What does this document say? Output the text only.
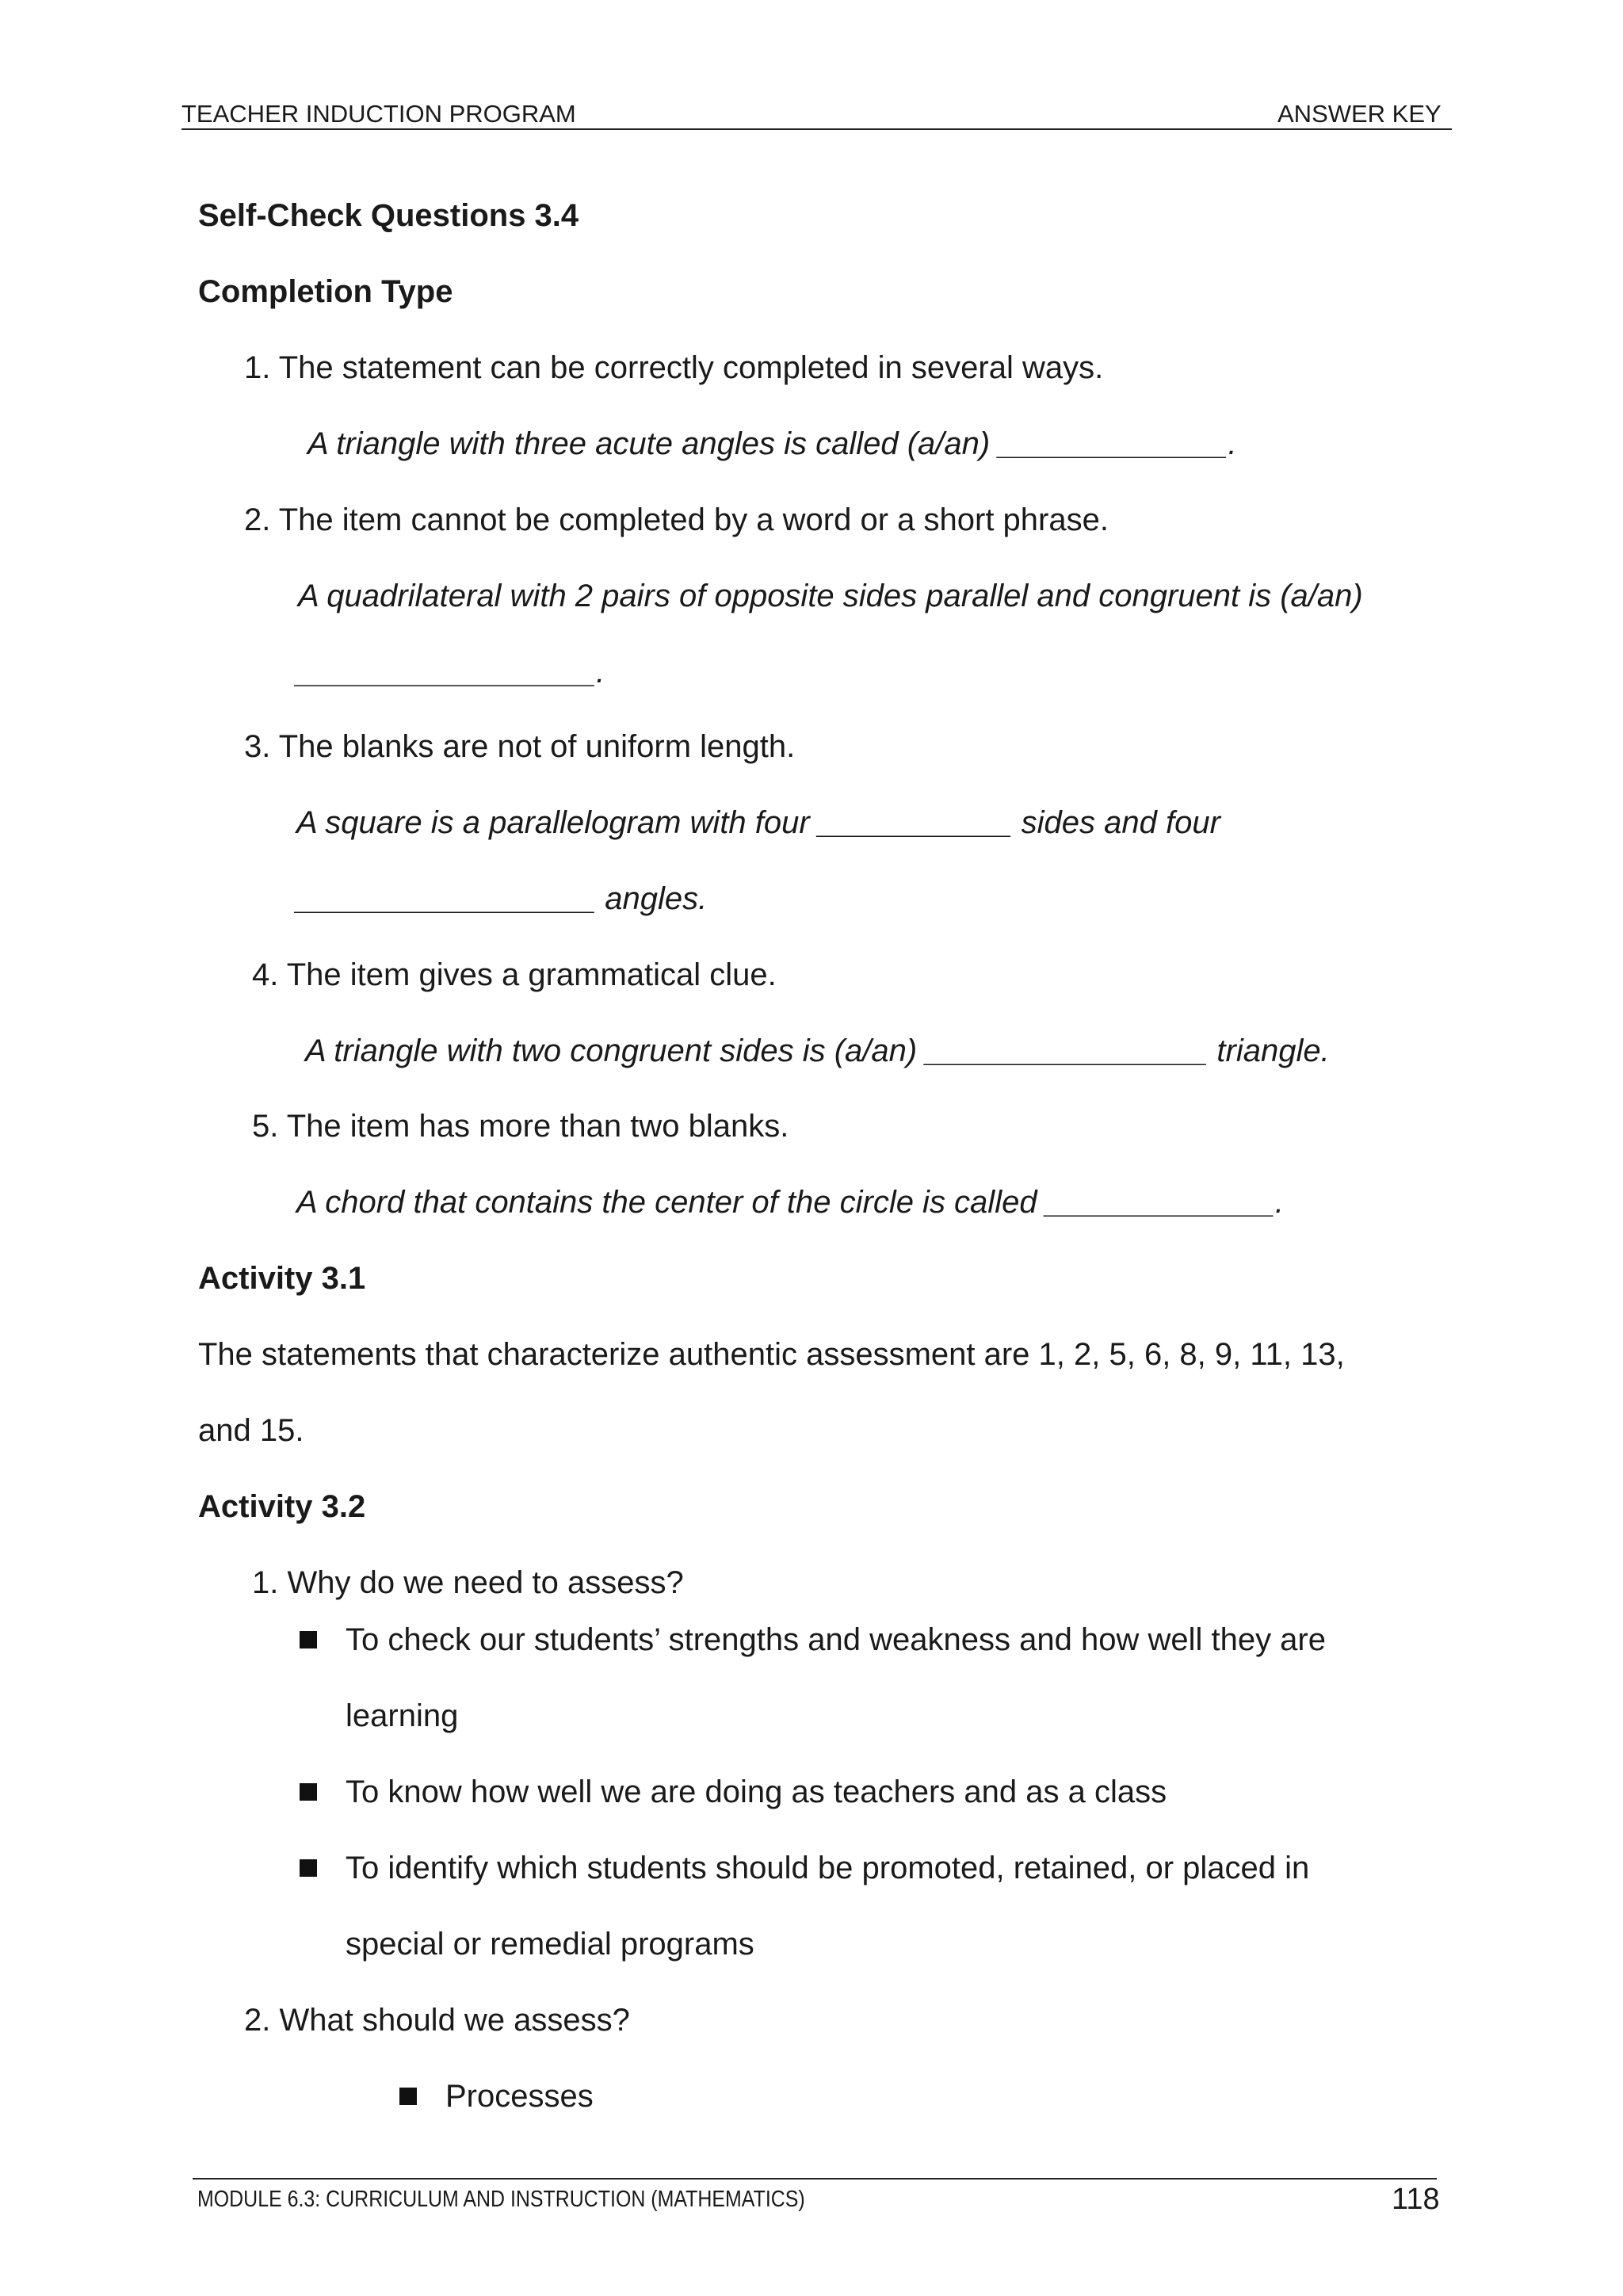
TEACHER INDUCTION PROGRAM	ANSWER KEY
Self-Check Questions 3.4
Completion Type
1. The statement can be correctly completed in several ways.
A triangle with three acute angles is called (a/an) _____________.
2. The item cannot be completed by a word or a short phrase.
A quadrilateral with 2 pairs of opposite sides parallel and congruent is (a/an)
_________________.
3. The blanks are not of uniform length.
A square is a parallelogram with four ___________ sides and four
_________________ angles.
4. The item gives a grammatical clue.
A triangle with two congruent sides is (a/an) ________________ triangle.
5. The item has more than two blanks.
A chord that contains the center of the circle is called _____________.
Activity 3.1
The statements that characterize authentic assessment are 1, 2, 5, 6, 8, 9, 11, 13,
and 15.
Activity 3.2
1. Why do we need to assess?
To check our students’ strengths and weakness and how well they are
learning
To know how well we are doing as teachers and as a class
To identify which students should be promoted, retained, or placed in
special or remedial programs
2. What should we assess?
Processes
MODULE 6.3: CURRICULUM AND INSTRUCTION (MATHEMATICS)	118
